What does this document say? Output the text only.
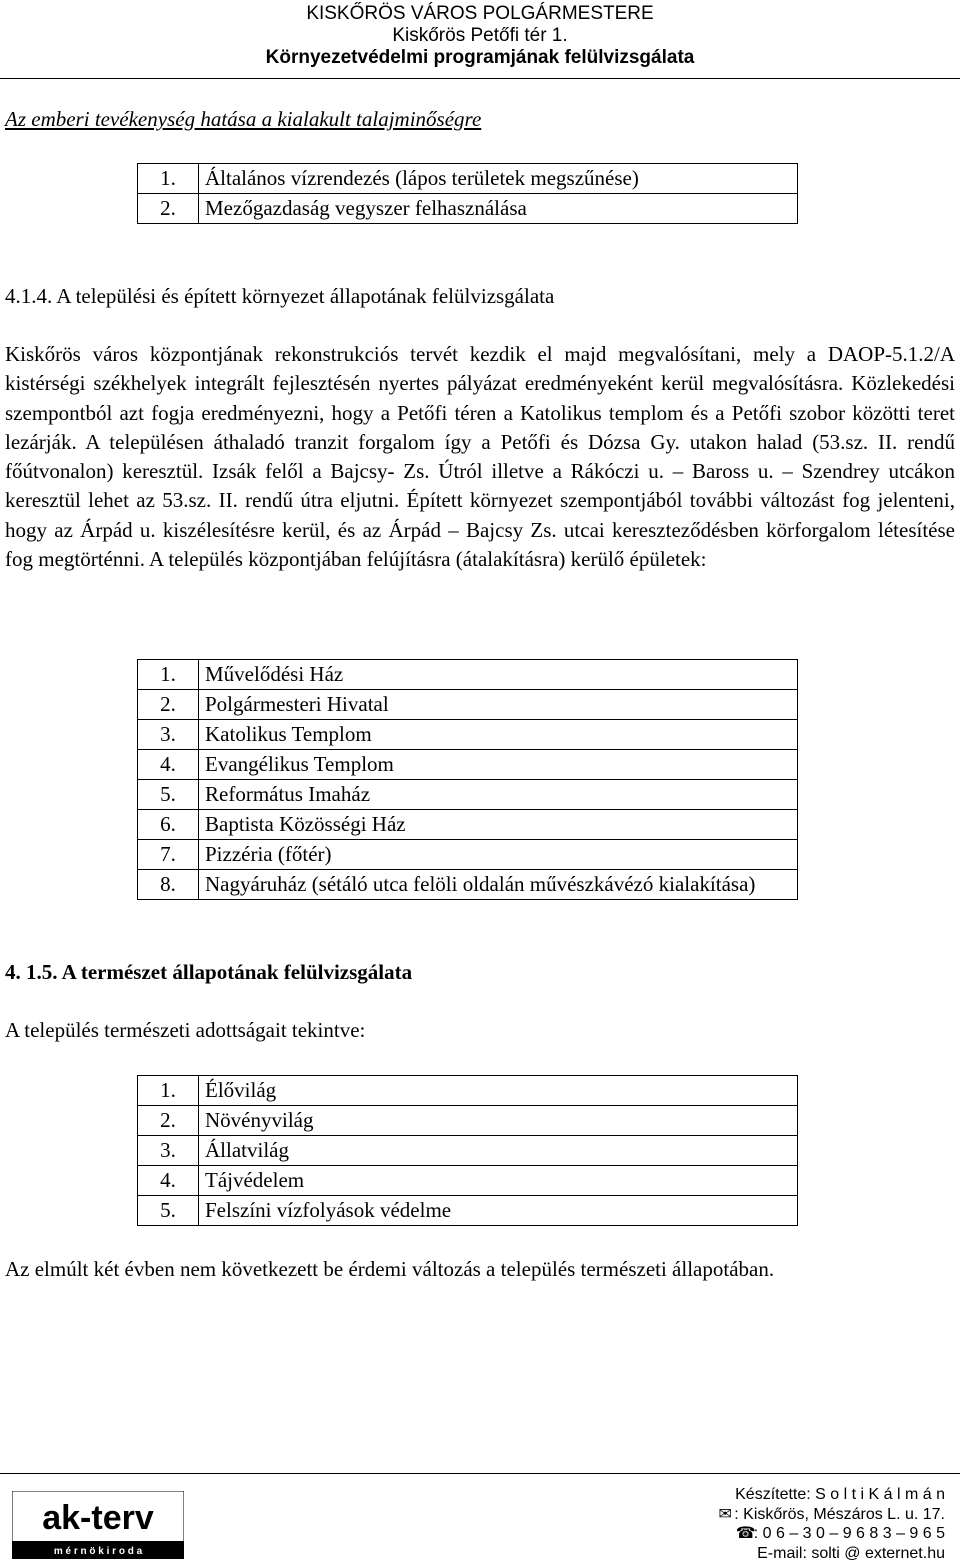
KISKŐRÖS VÁROS POLGÁRMESTERE
Kiskőrös Petőfi tér 1.
Környezetvédelmi programjának felülvizsgálata
Az emberi tevékenység hatása a kialakult talajminőségre
1.	Általános vízrendezés (lápos területek megszűnése)
2.	Mezőgazdaság vegyszer felhasználása
4.1.4. A települési és épített környezet állapotának felülvizsgálata
Kiskőrös város központjának rekonstrukciós tervét kezdik el majd megvalósítani, mely a DAOP-5.1.2/A kistérségi székhelyek integrált fejlesztésén nyertes pályázat eredményeként kerül megvalósításra. Közlekedési szempontból azt fogja eredményezni, hogy a Petőfi téren a Katolikus templom és a Petőfi szobor közötti teret lezárják. A településen áthaladó tranzit forgalom így a Petőfi és Dózsa Gy. utakon halad (53.sz. II. rendű főútvonalon) keresztül. Izsák felől a Bajcsy- Zs. Útról illetve a Rákóczi u. – Baross u. – Szendrey utcákon keresztül lehet az 53.sz. II. rendű útra eljutni. Épített környezet szempontjából további változást fog jelenteni, hogy az Árpád u. kiszélesítésre kerül, és az Árpád – Bajcsy Zs. utcai kereszteződésben körforgalom létesítése fog megtörténni. A település központjában felújításra (átalakításra) kerülő épületek:
1.	Művelődési Ház
2.	Polgármesteri Hivatal
3.	Katolikus Templom
4.	Evangélikus Templom
5.	Református Imaház
6.	Baptista Közösségi Ház
7.	Pizzéria (főtér)
8.	Nagyáruház (sétáló utca felöli oldalán művészkávézó kialakítása)
4. 1.5. A természet állapotának felülvizsgálata
A település természeti adottságait tekintve:
1.	Élővilág
2.	Növényvilág
3.	Állatvilág
4.	Tájvédelem
5.	Felszíni vízfolyások védelme
Az elmúlt két évben nem következett be érdemi változás a település természeti állapotában.
ak-terv
m é r n ö k i r o d a
Készítette: S o l t i K á l m á n
✉ : Kiskőrös, Mészáros L. u. 17.
☎: 0 6 – 3 0 – 9 6 8 3 – 9 6 5
E-mail: solti @ externet.hu
